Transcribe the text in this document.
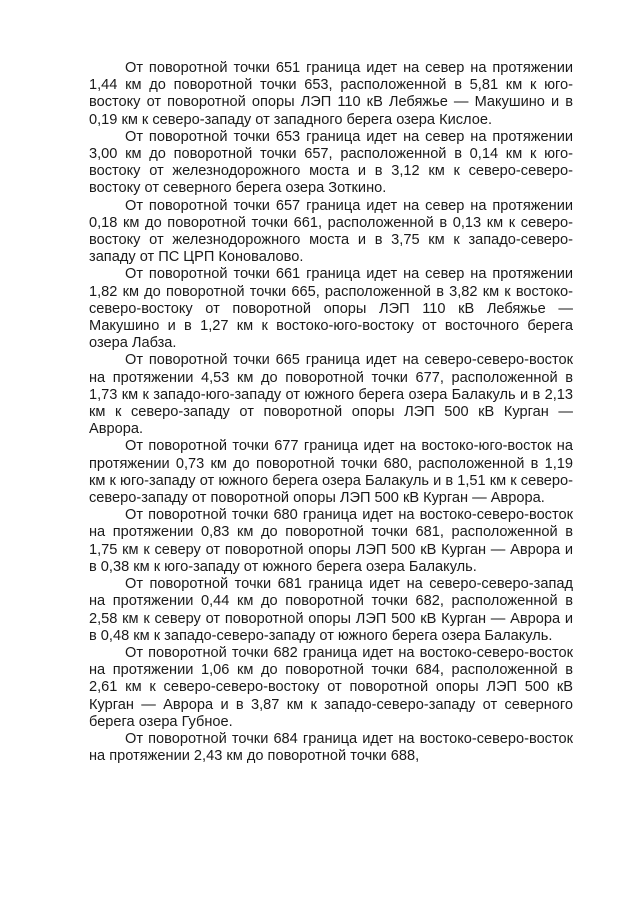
От поворотной точки 651 граница идет на север на протяжении 1,44 км до поворотной точки 653, расположенной в 5,81 км к юго-востоку от поворотной опоры ЛЭП 110 кВ Лебяжье — Макушино и в 0,19 км к северо-западу от западного берега озера Кислое.

От поворотной точки 653 граница идет на север на протяжении 3,00 км до поворотной точки 657, расположенной в 0,14 км к юго-востоку от железнодорожного моста и в 3,12 км к северо-северо-востоку от северного берега озера Зоткино.

От поворотной точки 657 граница идет на север на протяжении 0,18 км до поворотной точки 661, расположенной в 0,13 км к северо-востоку от железнодорожного моста и в 3,75 км к западо-северо-западу от ПС ЦРП Коновалово.

От поворотной точки 661 граница идет на север на протяжении 1,82 км до поворотной точки 665, расположенной в 3,82 км к востоко-северо-востоку от поворотной опоры ЛЭП 110 кВ Лебяжье — Макушино и в 1,27 км к востоко-юго-востоку от восточного берега озера Лабза.

От поворотной точки 665 граница идет на северо-северо-восток на протяжении 4,53 км до поворотной точки 677, расположенной в 1,73 км к западо-юго-западу от южного берега озера Балакуль и в 2,13 км к северо-западу от поворотной опоры ЛЭП 500 кВ Курган — Аврора.

От поворотной точки 677 граница идет на востоко-юго-восток на протяжении 0,73 км до поворотной точки 680, расположенной в 1,19 км к юго-западу от южного берега озера Балакуль и в 1,51 км к северо-северо-западу от поворотной опоры ЛЭП 500 кВ Курган — Аврора.

От поворотной точки 680 граница идет на востоко-северо-восток на протяжении 0,83 км до поворотной точки 681, расположенной в 1,75 км к северу от поворотной опоры ЛЭП 500 кВ Курган — Аврора и в 0,38 км к юго-западу от южного берега озера Балакуль.

От поворотной точки 681 граница идет на северо-северо-запад на протяжении 0,44 км до поворотной точки 682, расположенной в 2,58 км к северу от поворотной опоры ЛЭП 500 кВ Курган — Аврора и в 0,48 км к западо-северо-западу от южного берега озера Балакуль.

От поворотной точки 682 граница идет на востоко-северо-восток на протяжении 1,06 км до поворотной точки 684, расположенной в 2,61 км к северо-северо-востоку от поворотной опоры ЛЭП 500 кВ Курган — Аврора и в 3,87 км к западо-северо-западу от северного берега озера Губное.

От поворотной точки 684 граница идет на востоко-северо-восток на протяжении 2,43 км до поворотной точки 688,
